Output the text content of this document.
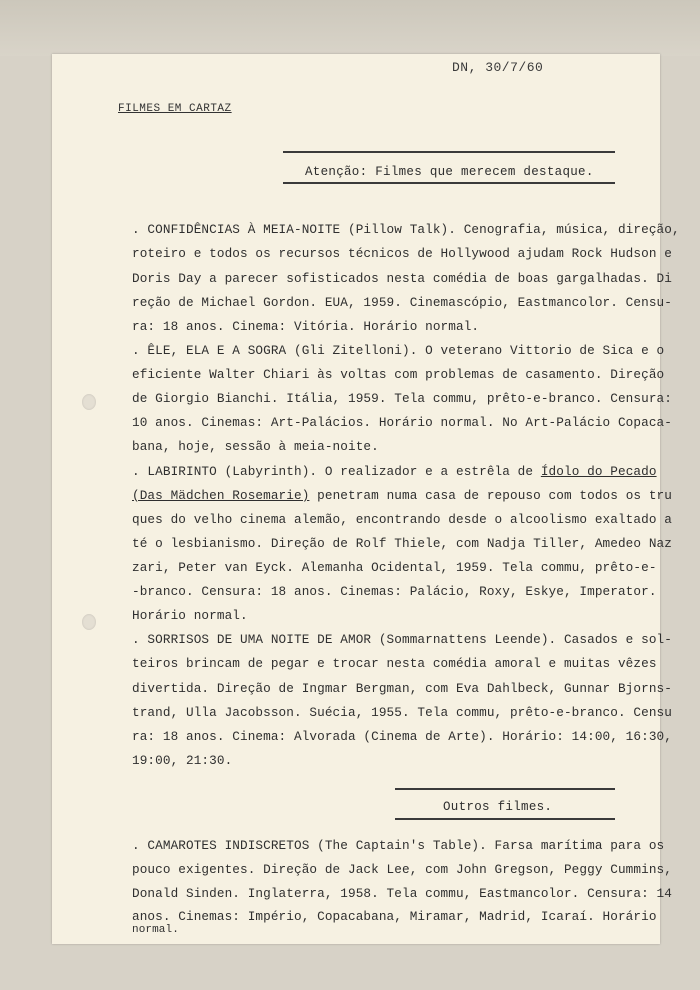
DN, 30/7/60
FILMES EM CARTAZ
Atenção: Filmes que merecem destaque.
. CONFIDÊNCIAS À MEIA-NOITE (Pillow Talk). Cenografia, música, direção,
roteiro e todos os recursos técnicos de Hollywood ajudam Rock Hudson e
Doris Day a parecer sofisticados nesta comédia de boas gargalhadas. Di
reção de Michael Gordon. EUA, 1959. Cinemascópio, Eastmancolor. Censu-
ra: 18 anos. Cinema: Vitória. Horário normal.
. ÊLE, ELA E A SOGRA (Gli Zitelloni). O veterano Vittorio de Sica e o
eficiente Walter Chiari às voltas com problemas de casamento. Direção
de Giorgio Bianchi. Itália, 1959. Tela commu, prêto-e-branco. Censura:
10 anos. Cinemas: Art-Palácios. Horário normal. No Art-Palácio Copaca-
bana, hoje, sessão à meia-noite.
. LABIRINTO (Labyrinth). O realizador e a estrêla de Ídolo do Pecado
(Das Mädchen Rosemarie) penetram numa casa de repouso com todos os tru
ques do velho cinema alemão, encontrando desde o alcoolismo exaltado a
té o lesbianismo. Direção de Rolf Thiele, com Nadja Tiller, Amedeo Naz
zari, Peter van Eyck. Alemanha Ocidental, 1959. Tela commu, prêto-e-
-branco. Censura: 18 anos. Cinemas: Palácio, Roxy, Eskye, Imperator.
Horário normal.
. SORRISOS DE UMA NOITE DE AMOR (Sommarnattens Leende). Casados e sol-
teiros brincam de pegar e trocar nesta comédia amoral e muitas vêzes
divertida. Direção de Ingmar Bergman, com Eva Dahlbeck, Gunnar Bjorns-
trand, Ulla Jacobsson. Suécia, 1955. Tela commu, prêto-e-branco. Censu
ra: 18 anos. Cinema: Alvorada (Cinema de Arte). Horário: 14:00, 16:30,
19:00, 21:30.
Outros filmes.
. CAMAROTES INDISCRETOS (The Captain's Table). Farsa marítima para os
pouco exigentes. Direção de Jack Lee, com John Gregson, Peggy Cummins,
Donald Sinden. Inglaterra, 1958. Tela commu, Eastmancolor. Censura: 14
anos. Cinemas: Império, Copacabana, Miramar, Madrid, Icaraí. Horário
normal.
